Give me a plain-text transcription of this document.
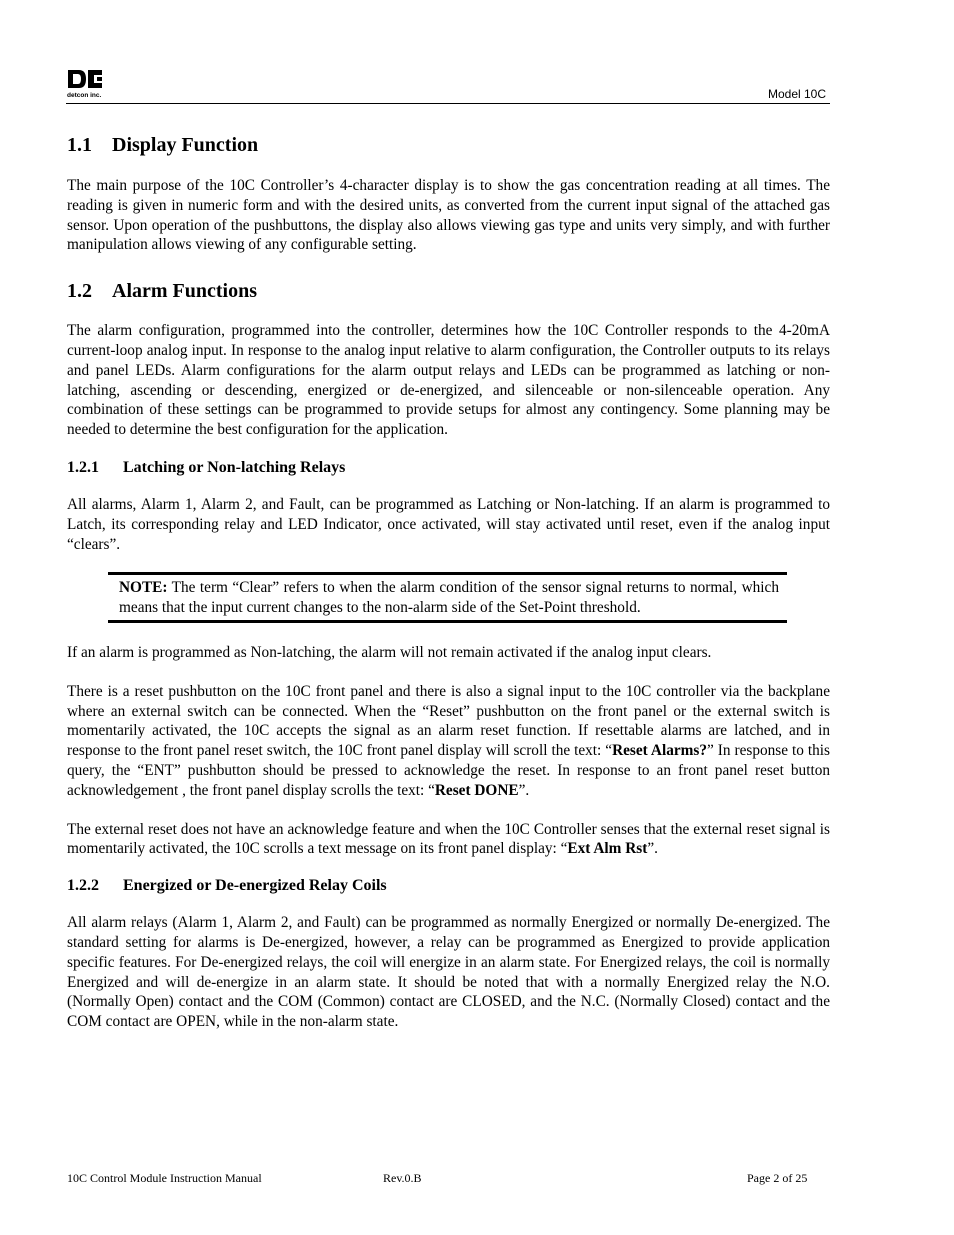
detcon inc.	Model 10C
1.1 Display Function

The main purpose of the 10C Controller’s 4-character display is to show the gas concentration reading at all times. The reading is given in numeric form and with the desired units, as converted from the current input signal of the attached gas sensor. Upon operation of the pushbuttons, the display also allows viewing gas type and units very simply, and with further manipulation allows viewing of any configurable setting.

1.2 Alarm Functions

The alarm configuration, programmed into the controller, determines how the 10C Controller responds to the 4-20mA current-loop analog input. In response to the analog input relative to alarm configuration, the Controller outputs to its relays and panel LEDs. Alarm configurations for the alarm output relays and LEDs can be programmed as latching or non-latching, ascending or descending, energized or de-energized, and silenceable or non-silenceable operation. Any combination of these settings can be programmed to provide setups for almost any contingency. Some planning may be needed to determine the best configuration for the application.

1.2.1 Latching or Non-latching Relays

All alarms, Alarm 1, Alarm 2, and Fault, can be programmed as Latching or Non-latching. If an alarm is programmed to Latch, its corresponding relay and LED Indicator, once activated, will stay activated until reset, even if the analog input “clears”.

NOTE: The term “Clear” refers to when the alarm condition of the sensor signal returns to normal, which means that the input current changes to the non-alarm side of the Set-Point threshold.

If an alarm is programmed as Non-latching, the alarm will not remain activated if the analog input clears.

There is a reset pushbutton on the 10C front panel and there is also a signal input to the 10C controller via the backplane where an external switch can be connected. When the “Reset” pushbutton on the front panel or the external switch is momentarily activated, the 10C accepts the signal as an alarm reset function. If resettable alarms are latched, and in response to the front panel reset switch, the 10C front panel display will scroll the text: “Reset Alarms?” In response to this query, the “ENT” pushbutton should be pressed to acknowledge the reset. In response to an front panel reset button acknowledgement , the front panel display scrolls the text: “Reset DONE”.

The external reset does not have an acknowledge feature and when the 10C Controller senses that the external reset signal is momentarily activated, the 10C scrolls a text message on its front panel display: “Ext Alm Rst”.

1.2.2 Energized or De-energized Relay Coils

All alarm relays (Alarm 1, Alarm 2, and Fault) can be programmed as normally Energized or normally De-energized. The standard setting for alarms is De-energized, however, a relay can be programmed as Energized to provide application specific features. For De-energized relays, the coil will energize in an alarm state. For Energized relays, the coil is normally Energized and will de-energize in an alarm state. It should be noted that with a normally Energized relay the N.O. (Normally Open) contact and the COM (Common) contact are CLOSED, and the N.C. (Normally Closed) contact and the COM contact are OPEN, while in the non-alarm state.

10C Control Module Instruction Manual	Rev.0.B	Page 2 of 25
